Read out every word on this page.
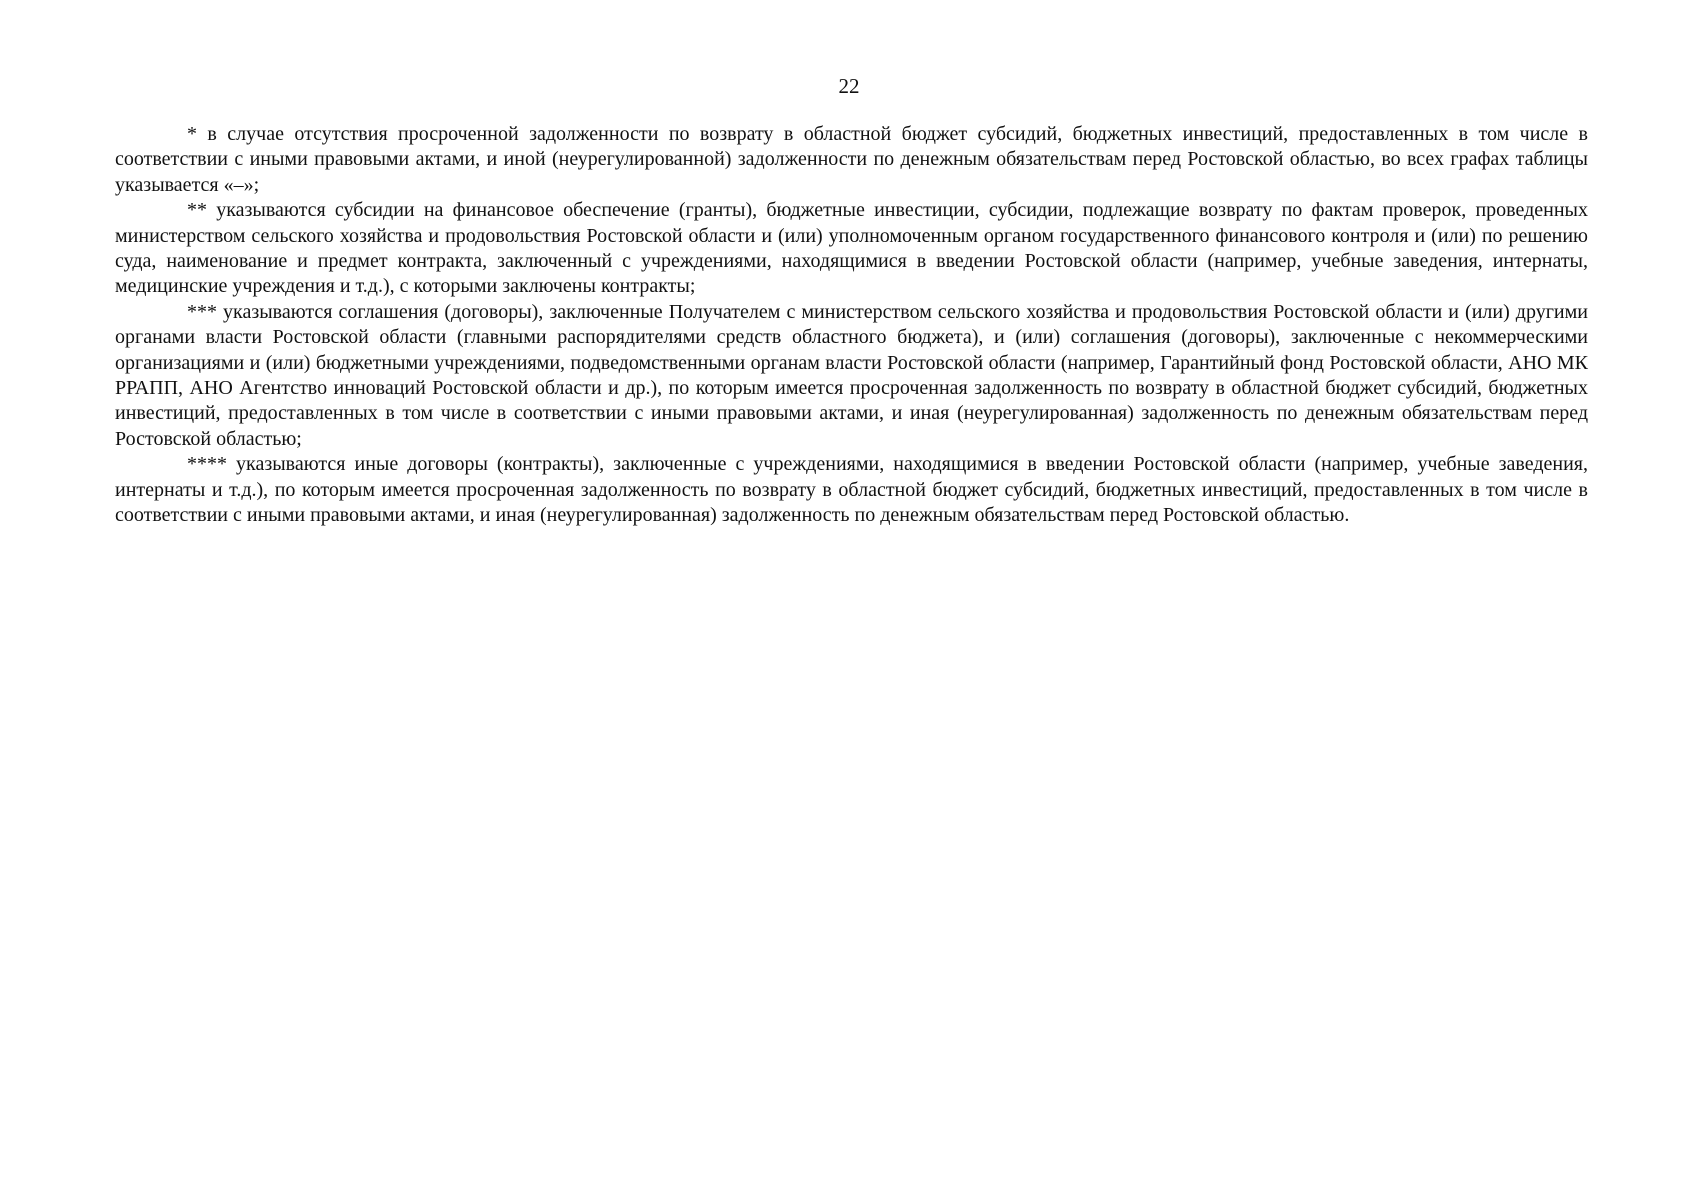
22

* в случае отсутствия просроченной задолженности по возврату в областной бюджет субсидий, бюджетных инвестиций, предоставленных в том числе в соответствии с иными правовыми актами, и иной (неурегулированной) задолженности по денежным обязательствам перед Ростовской областью, во всех графах таблицы указывается «–»;

** указываются субсидии на финансовое обеспечение (гранты), бюджетные инвестиции, субсидии, подлежащие возврату по фактам проверок, проведенных министерством сельского хозяйства и продовольствия Ростовской области и (или) уполномоченным органом государственного финансового контроля и (или) по решению суда, наименование и предмет контракта, заключенный с учреждениями, находящимися в введении Ростовской области (например, учебные заведения, интернаты, медицинские учреждения и т.д.), с которыми заключены контракты;

*** указываются соглашения (договоры), заключенные Получателем с министерством сельского хозяйства и продовольствия Ростовской области и (или) другими органами власти Ростовской области (главными распорядителями средств областного бюджета), и (или) соглашения (договоры), заключенные с некоммерческими организациями и (или) бюджетными учреждениями, подведомственными органам власти Ростовской области (например, Гарантийный фонд Ростовской области, АНО МК РРАПП, АНО Агентство инноваций Ростовской области и др.), по которым имеется просроченная задолженность по возврату в областной бюджет субсидий, бюджетных инвестиций, предоставленных в том числе в соответствии с иными правовыми актами, и иная (неурегулированная) задолженность по денежным обязательствам перед Ростовской областью;

**** указываются иные договоры (контракты), заключенные с учреждениями, находящимися в введении Ростовской области (например, учебные заведения, интернаты и т.д.), по которым имеется просроченная задолженность по возврату в областной бюджет субсидий, бюджетных инвестиций, предоставленных в том числе в соответствии с иными правовыми актами, и иная (неурегулированная) задолженность по денежным обязательствам перед Ростовской областью.
